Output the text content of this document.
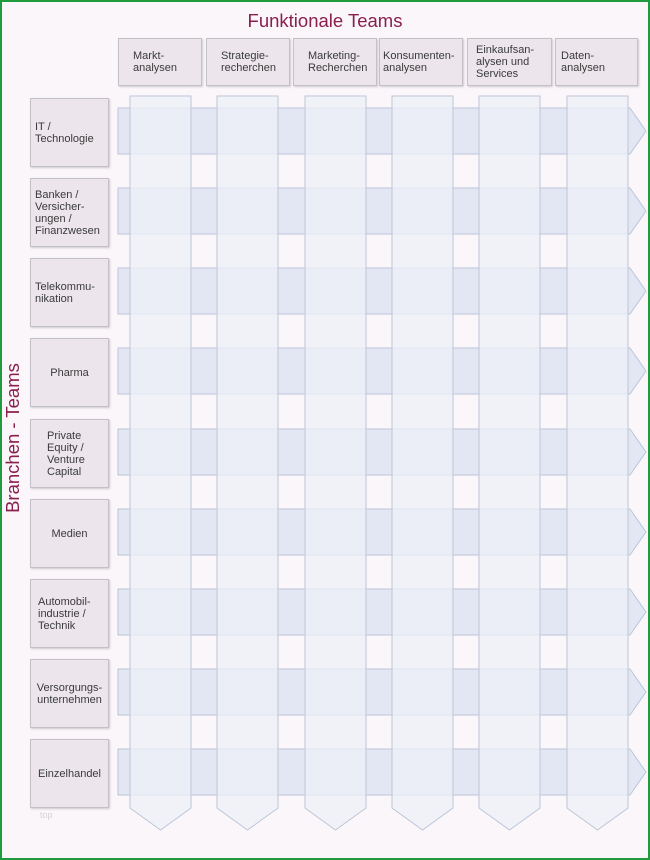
Funktionale Teams
Branchen - Teams
Markt-
analysen
Strategie-
recherchen
Marketing-
Recherchen
Konsumenten-
analysen
Einkaufsan-
alysen und
Services
Daten-
analysen
IT /
Technologie
Banken /
Versicher-
ungen /
Finanzwesen
Telekommu-
nikation
Pharma
Private
Equity /
Venture
Capital
Medien
Automobil-
industrie /
Technik
Versorgungs-
unternehmen
Einzelhandel
top
